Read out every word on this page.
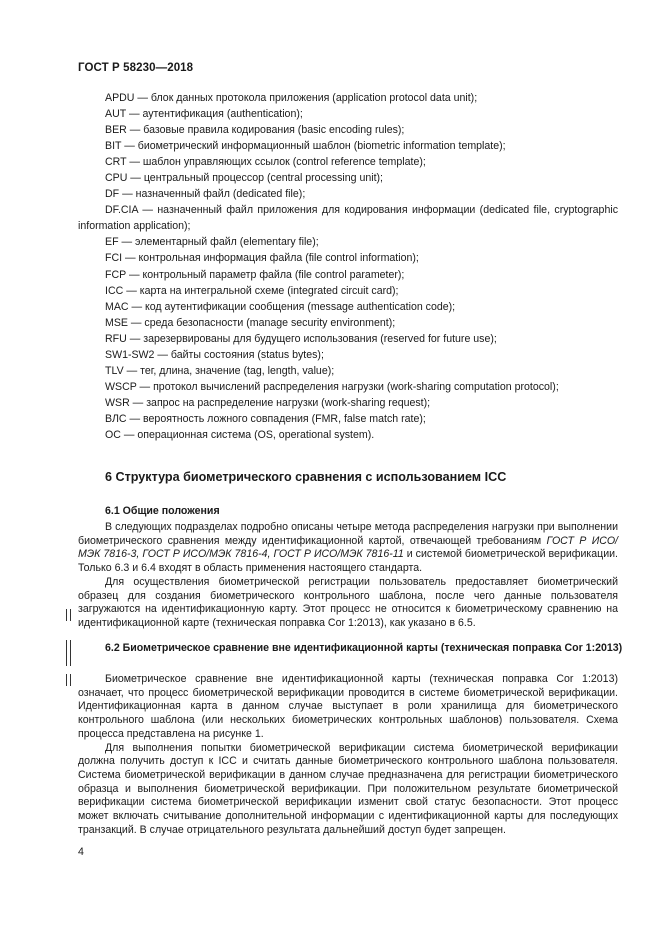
ГОСТ Р 58230—2018
APDU — блок данных протокола приложения (application protocol data unit);
AUT — аутентификация (authentication);
BER — базовые правила кодирования (basic encoding rules);
BIT — биометрический информационный шаблон (biometric information template);
CRT — шаблон управляющих ссылок (control reference template);
CPU — центральный процессор (central processing unit);
DF — назначенный файл (dedicated file);
DF.CIA — назначенный файл приложения для кодирования информации (dedicated file, cryptographic information application);
EF — элементарный файл (elementary file);
FCI — контрольная информация файла (file control information);
FCP — контрольный параметр файла (file control parameter);
ICC — карта на интегральной схеме (integrated circuit card);
MAC — код аутентификации сообщения (message authentication code);
MSE — среда безопасности (manage security environment);
RFU — зарезервированы для будущего использования (reserved for future use);
SW1-SW2 — байты состояния (status bytes);
TLV — тег, длина, значение (tag, length, value);
WSCP — протокол вычислений распределения нагрузки (work-sharing computation protocol);
WSR — запрос на распределение нагрузки (work-sharing request);
ВЛС — вероятность ложного совпадения (FMR, false match rate);
ОС — операционная система (OS, operational system).
6 Структура биометрического сравнения с использованием ICC
6.1 Общие положения

В следующих подразделах подробно описаны четыре метода распределения нагрузки при выполнении биометрического сравнения между идентификационной картой, отвечающей требованиям ГОСТ Р ИСО/МЭК 7816-3, ГОСТ Р ИСО/МЭК 7816-4, ГОСТ Р ИСО/МЭК 7816-11 и системой биометрической верификации. Только 6.3 и 6.4 входят в область применения настоящего стандарта.

Для осуществления биометрической регистрации пользователь предоставляет биометрический образец для создания биометрического контрольного шаблона, после чего данные пользователя загружаются на идентификационную карту. Этот процесс не относится к биометрическому сравнению на идентификационной карте (техническая поправка Cor 1:2013), как указано в 6.5.

6.2 Биометрическое сравнение вне идентификационной карты (техническая поправка Cor 1:2013)

Биометрическое сравнение вне идентификационной карты (техническая поправка Cor 1:2013) означает, что процесс биометрической верификации проводится в системе биометрической верификации. Идентификационная карта в данном случае выступает в роли хранилища для биометрического контрольного шаблона (или нескольких биометрических контрольных шаблонов) пользователя. Схема процесса представлена на рисунке 1.

Для выполнения попытки биометрической верификации система биометрической верификации должна получить доступ к ICC и считать данные биометрического контрольного шаблона пользователя. Система биометрической верификации в данном случае предназначена для регистрации биометрического образца и выполнения биометрической верификации. При положительном результате биометрической верификации система биометрической верификации изменит свой статус безопасности. Этот процесс может включать считывание дополнительной информации с идентификационной карты для последующих транзакций. В случае отрицательного результата дальнейший доступ будет запрещен.

4
